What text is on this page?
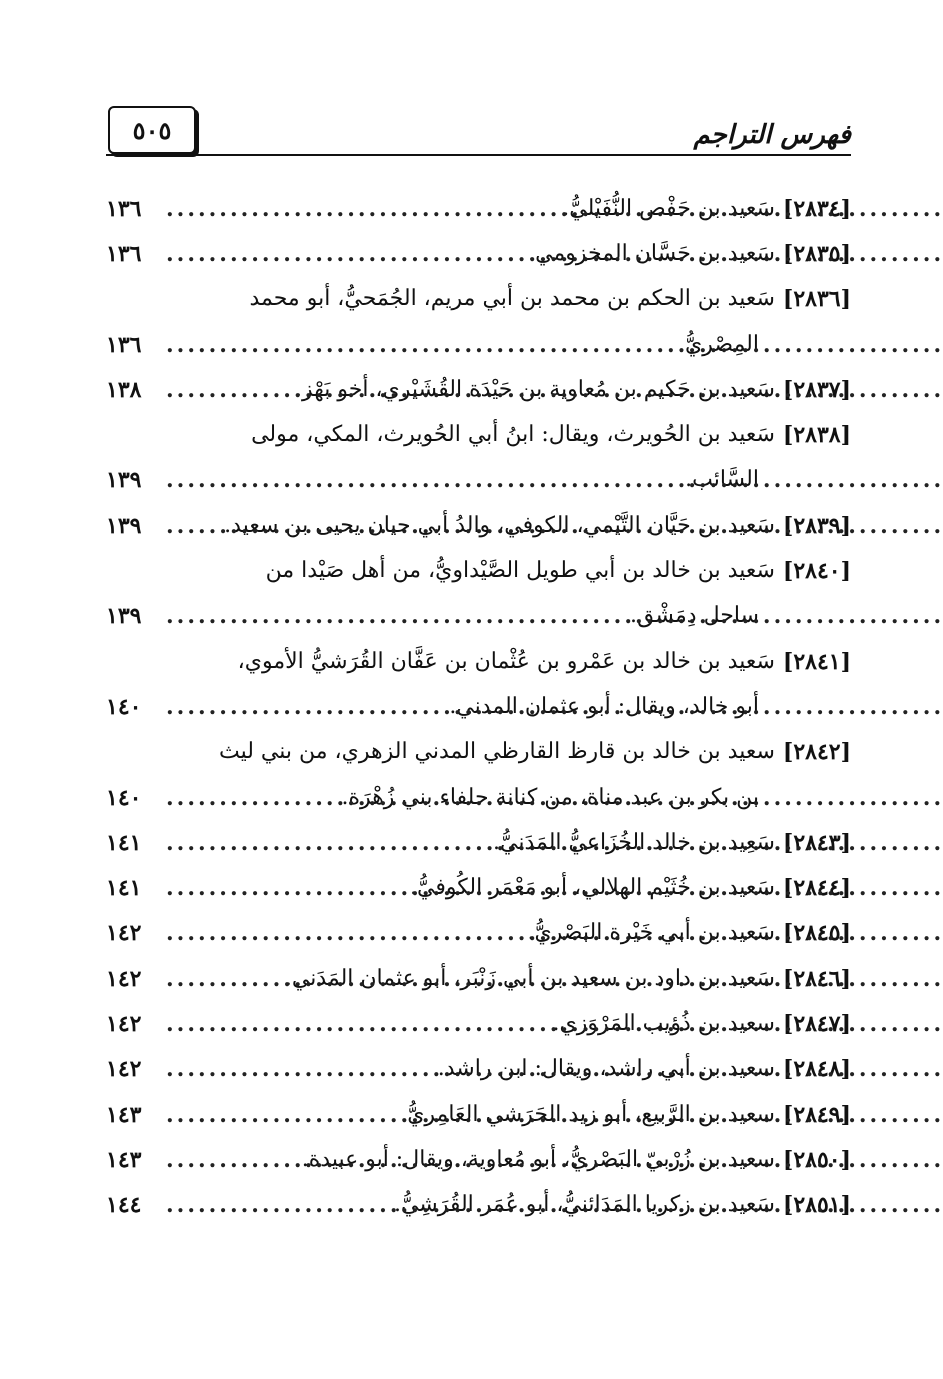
فهرس التراجم
٥٠٥
[٢٨٣٤]
سَعيد بن حَفْص النُّفَيْليُّ.
.....
١٣٦
[٢٨٣٥]
سَعيد بن حَسَّان المخزومي.
.....
١٣٦
[٢٨٣٦]
سَعيد بن الحكم بن محمد بن أبي مريم، الجُمَحيُّ، أبو محمد
المِصْريُّ.
.....
١٣٦
[٢٨٣٧]
سَعيد بن حَكيم بن مُعاوية بن حَيْدَة القُشَيْري، أخو بَهْز.
.....
١٣٨
[٢٨٣٨]
سَعيد بن الحُويرث، ويقال: ابنُ أبي الحُويرث، المكي، مولى
السَّائب.
.....
١٣٩
[٢٨٣٩]
سَعيد بن حَيَّان التَّيْمي، الكوفي، والدُ أبي حيان يحيى بن سعيد.
.....
١٣٩
[٢٨٤٠]
سَعيد بن خالد بن أبي طويل الصَّيْداويُّ، من أهل صَيْدا من
ساحل دِمَشْق.
.....
١٣٩
[٢٨٤١]
سَعيد بن خالد بن عَمْرو بن عُثْمان بن عَفَّان القُرَشيُّ الأموي،
أبو خالد، ويقال: أبو عثمان المدني.
.....
١٤٠
[٢٨٤٢]
سعيد بن خالد بن قارظ القارظي المدني الزهري، من بني ليث
بن بكر بن عبد مناة، من كنانة حلفاء بني زُهْرَة.
.....
١٤٠
[٢٨٤٣]
سَعِيد بن خالد الخُزَاعيُّ المَدَنيُّ.
.....
١٤١
[٢٨٤٤]
سَعيد بن خُثَيْم الهلالي، أبو مَعْمَر الكُوفيُّ.
.....
١٤١
[٢٨٤٥]
سَعيد بن أبي خَيْرة البَصْريُّ.
.....
١٤٢
[٢٨٤٦]
سَعيد بن داود بن سعيد بن أبي زَنْبَر، أبو عثمان المَدَني.
.....
١٤٢
[٢٨٤٧]
سعيد بن ذُؤيب المَرْوَزي.
.....
١٤٢
[٢٨٤٨]
سعيد بن أبي راشد، ويقال: ابن راشد.
.....
١٤٢
[٢٨٤٩]
سعيد بن الرَّبيع، أبو زيد الحَرَشي العَامِريُّ.
.....
١٤٣
[٢٨٥٠]
سعيد بن زُرْبيّ البَصْريُّ، أبو مُعاوية، ويقال: أبو عبيدة.
.....
١٤٣
[٢٨٥١]
سَعيد بن زكريا المَدَائنيُّ، أبو عُمَر القُرَشِيُّ.
.....
١٤٤
